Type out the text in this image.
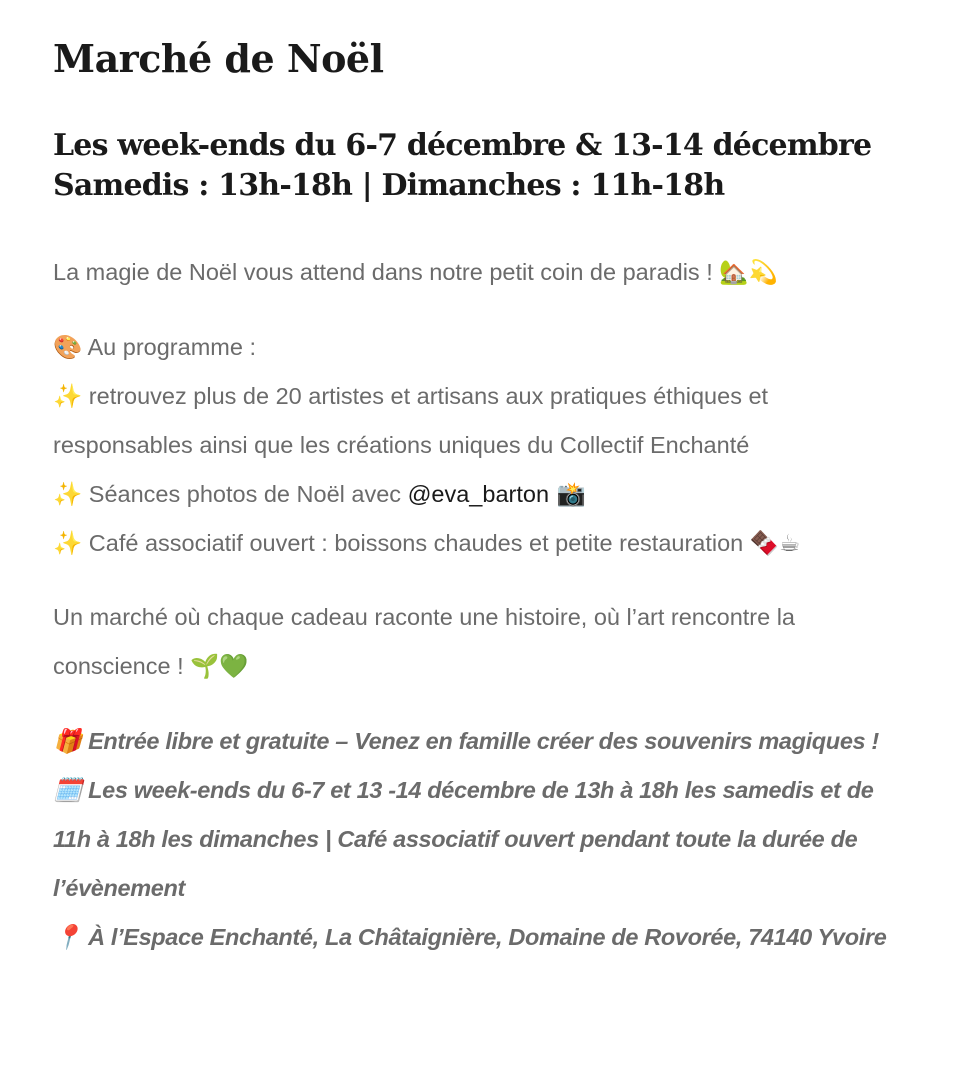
Marché de Noël
Les week-ends du 6-7 décembre & 13-14 décembre
Samedis : 13h-18h | Dimanches : 11h-18h
La magie de Noël vous attend dans notre petit coin de paradis ! 🏡💫
🎨 Au programme :
✨ retrouvez plus de 20 artistes et artisans aux pratiques éthiques et
responsables ainsi que les créations uniques du Collectif Enchanté
✨ Séances photos de Noël avec @eva_barton 📸
✨ Café associatif ouvert : boissons chaudes et petite restauration 🍫☕
Un marché où chaque cadeau raconte une histoire, où l’art rencontre la
conscience ! 🌱💚
🎁 Entrée libre et gratuite – Venez en famille créer des souvenirs magiques !
🗓️ Les week-ends du 6-7 et 13 -14 décembre de 13h à 18h les samedis et de
11h à 18h les dimanches | Café associatif ouvert pendant toute la durée de
l’évènement
📍 À l’Espace Enchanté, La Châtaignière, Domaine de Rovorée, 74140 Yvoire
